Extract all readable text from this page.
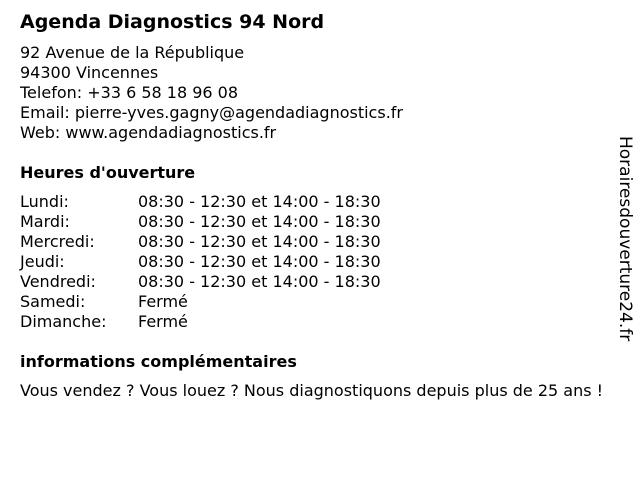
Agenda Diagnostics 94 Nord
92 Avenue de la République
94300 Vincennes
Telefon: +33 6 58 18 96 08
Email: pierre-yves.gagny@agendadiagnostics.fr
Web: www.agendadiagnostics.fr
Heures d'ouverture
Lundi:	08:30 - 12:30 et 14:00 - 18:30
Mardi:	08:30 - 12:30 et 14:00 - 18:30
Mercredi:	08:30 - 12:30 et 14:00 - 18:30
Jeudi:	08:30 - 12:30 et 14:00 - 18:30
Vendredi:	08:30 - 12:30 et 14:00 - 18:30
Samedi:	Fermé
Dimanche:	Fermé
informations complémentaires
Vous vendez ? Vous louez ? Nous diagnostiquons depuis plus de 25 ans !
Horairesdouverture24.fr
